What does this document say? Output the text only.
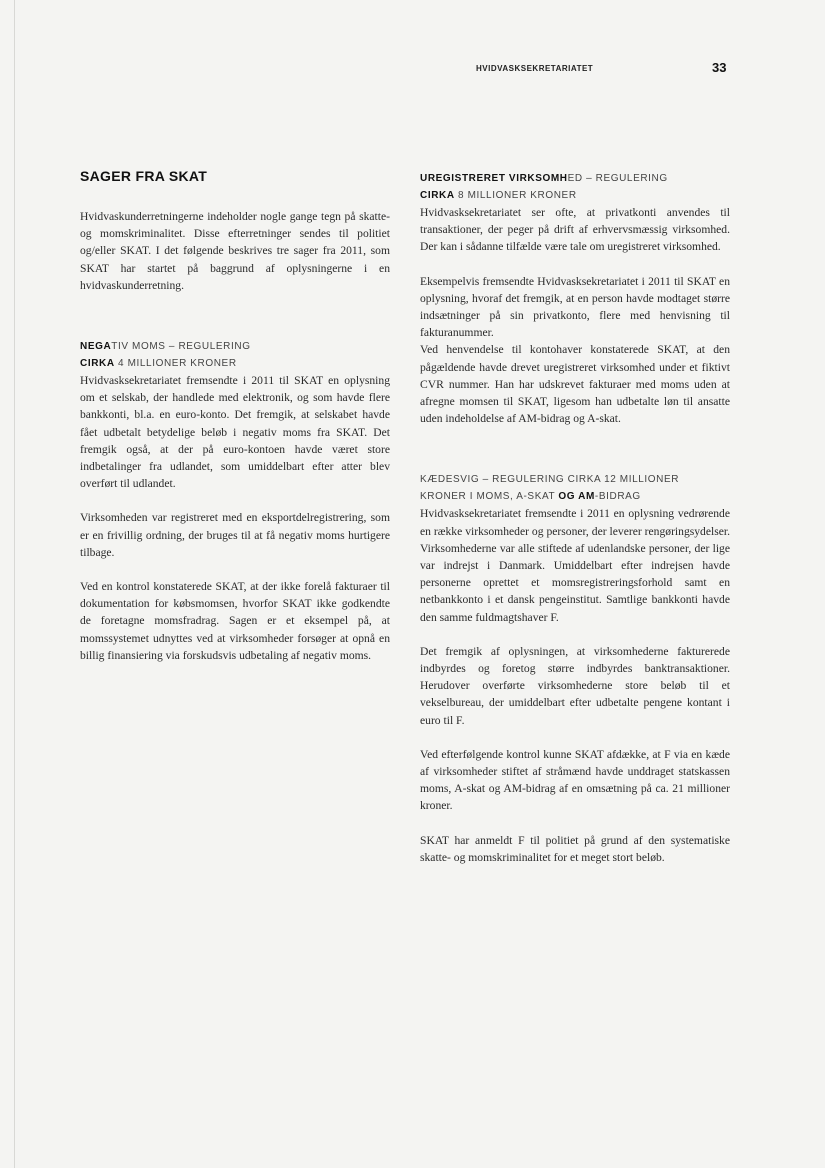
HVIDVASKSEKRETARIATET	33
SAGER FRA SKAT

Hvidvaskunderretningerne indeholder nogle gange tegn på skatte- og momskriminalitet. Disse efterretninger sendes til politiet og/eller SKAT. I det følgende beskrives tre sager fra 2011, som SKAT har startet på baggrund af oplysningerne i en hvidvaskunderretning.

NEGATIV MOMS – REGULERING
CIRKA 4 MILLIONER KRONER

Hvidvasksekretariatet fremsendte i 2011 til SKAT en oplysning om et selskab, der handlede med elektronik, og som havde flere bankkonti, bl.a. en euro-konto. Det fremgik, at selskabet havde fået udbetalt betydelige beløb i negativ moms fra SKAT. Det fremgik også, at der på euro-kontoen havde været store indbetalinger fra udlandet, som umiddelbart efter atter blev overført til udlandet.

Virksomheden var registreret med en eksportdelregistrering, som er en frivillig ordning, der bruges til at få negativ moms hurtigere tilbage.

Ved en kontrol konstaterede SKAT, at der ikke forelå fakturaer til dokumentation for købsmomsen, hvorfor SKAT ikke godkendte de foretagne momsfradrag. Sagen er et eksempel på, at momssystemet udnyttes ved at virksomheder forsøger at opnå en billig finansiering via forskudsvis udbetaling af negativ moms.

UREGISTRERET VIRKSOMHED – REGULERING
CIRKA 8 MILLIONER KRONER

Hvidvasksekretariatet ser ofte, at privatkonti anvendes til transaktioner, der peger på drift af erhvervsmæssig virksomhed. Der kan i sådanne tilfælde være tale om uregistreret virksomhed.

Eksempelvis fremsendte Hvidvasksekretariatet i 2011 til SKAT en oplysning, hvoraf det fremgik, at en person havde modtaget større indsætninger på sin privatkonto, flere med henvisning til fakturanummer.

Ved henvendelse til kontohaver konstaterede SKAT, at den pågældende havde drevet uregistreret virksomhed under et fiktivt CVR nummer. Han har udskrevet fakturaer med moms uden at afregne momsen til SKAT, ligesom han udbetalte løn til ansatte uden indeholdelse af AM-bidrag og A-skat.

KÆDESVIG – REGULERING CIRKA 12 MILLIONER
KRONER I MOMS, A-SKAT OG AM-BIDRAG

Hvidvasksekretariatet fremsendte i 2011 en oplysning vedrørende en række virksomheder og personer, der leverer rengøringsydelser. Virksomhederne var alle stiftede af udenlandske personer, der lige var indrejst i Danmark. Umiddelbart efter indrejsen havde personerne oprettet et momsregistreringsforhold samt en netbankkonto i et dansk pengeinstitut. Samtlige bankkonti havde den samme fuldmagtshaver F.

Det fremgik af oplysningen, at virksomhederne fakturerede indbyrdes og foretog større indbyrdes banktransaktioner. Herudover overførte virksomhederne store beløb til et vekselbureau, der umiddelbart efter udbetalte pengene kontant i euro til F.

Ved efterfølgende kontrol kunne SKAT afdække, at F via en kæde af virksomheder stiftet af stråmænd havde unddraget statskassen moms, A-skat og AM-bidrag af en omsætning på ca. 21 millioner kroner.

SKAT har anmeldt F til politiet på grund af den systematiske skatte- og momskriminalitet for et meget stort beløb.
